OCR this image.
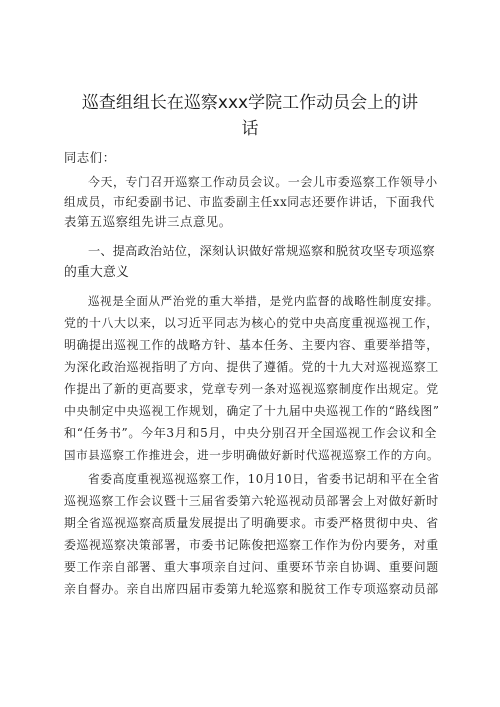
巡查组组长在巡察xxx学院工作动员会上的讲
话
同志们：
今天，专门召开巡察工作动员会议。一会儿市委巡察工作领导小
组成员，市纪委副书记、市监委副主任xx同志还要作讲话，下面我代
表第五巡察组先讲三点意见。
一、提高政治站位，深刻认识做好常规巡察和脱贫攻坚专项巡察
的重大意义
巡视是全面从严治党的重大举措，是党内监督的战略性制度安排。
党的十八大以来，以习近平同志为核心的党中央高度重视巡视工作，
明确提出巡视工作的战略方针、基本任务、主要内容、重要举措等，
为深化政治巡视指明了方向、提供了遵循。党的十九大对巡视巡察工
作提出了新的更高要求，党章专列一条对巡视巡察制度作出规定。党
中央制定中央巡视工作规划，确定了十九届中央巡视工作的“路线图”
和“任务书”。今年3月和5月，中央分别召开全国巡视工作会议和全
国市县巡察工作推进会，进一步明确做好新时代巡视巡察工作的方向。
省委高度重视巡视巡察工作，10月10日，省委书记胡和平在全省
巡视巡察工作会议暨十三届省委第六轮巡视动员部署会上对做好新时
期全省巡视巡察高质量发展提出了明确要求。市委严格贯彻中央、省
委巡视巡察决策部署，市委书记陈俊把巡察工作作为份内要务，对重
要工作亲自部署、重大事项亲自过问、重要环节亲自协调、重要问题
亲自督办。亲自出席四届市委第九轮巡察和脱贫工作专项巡察动员部
